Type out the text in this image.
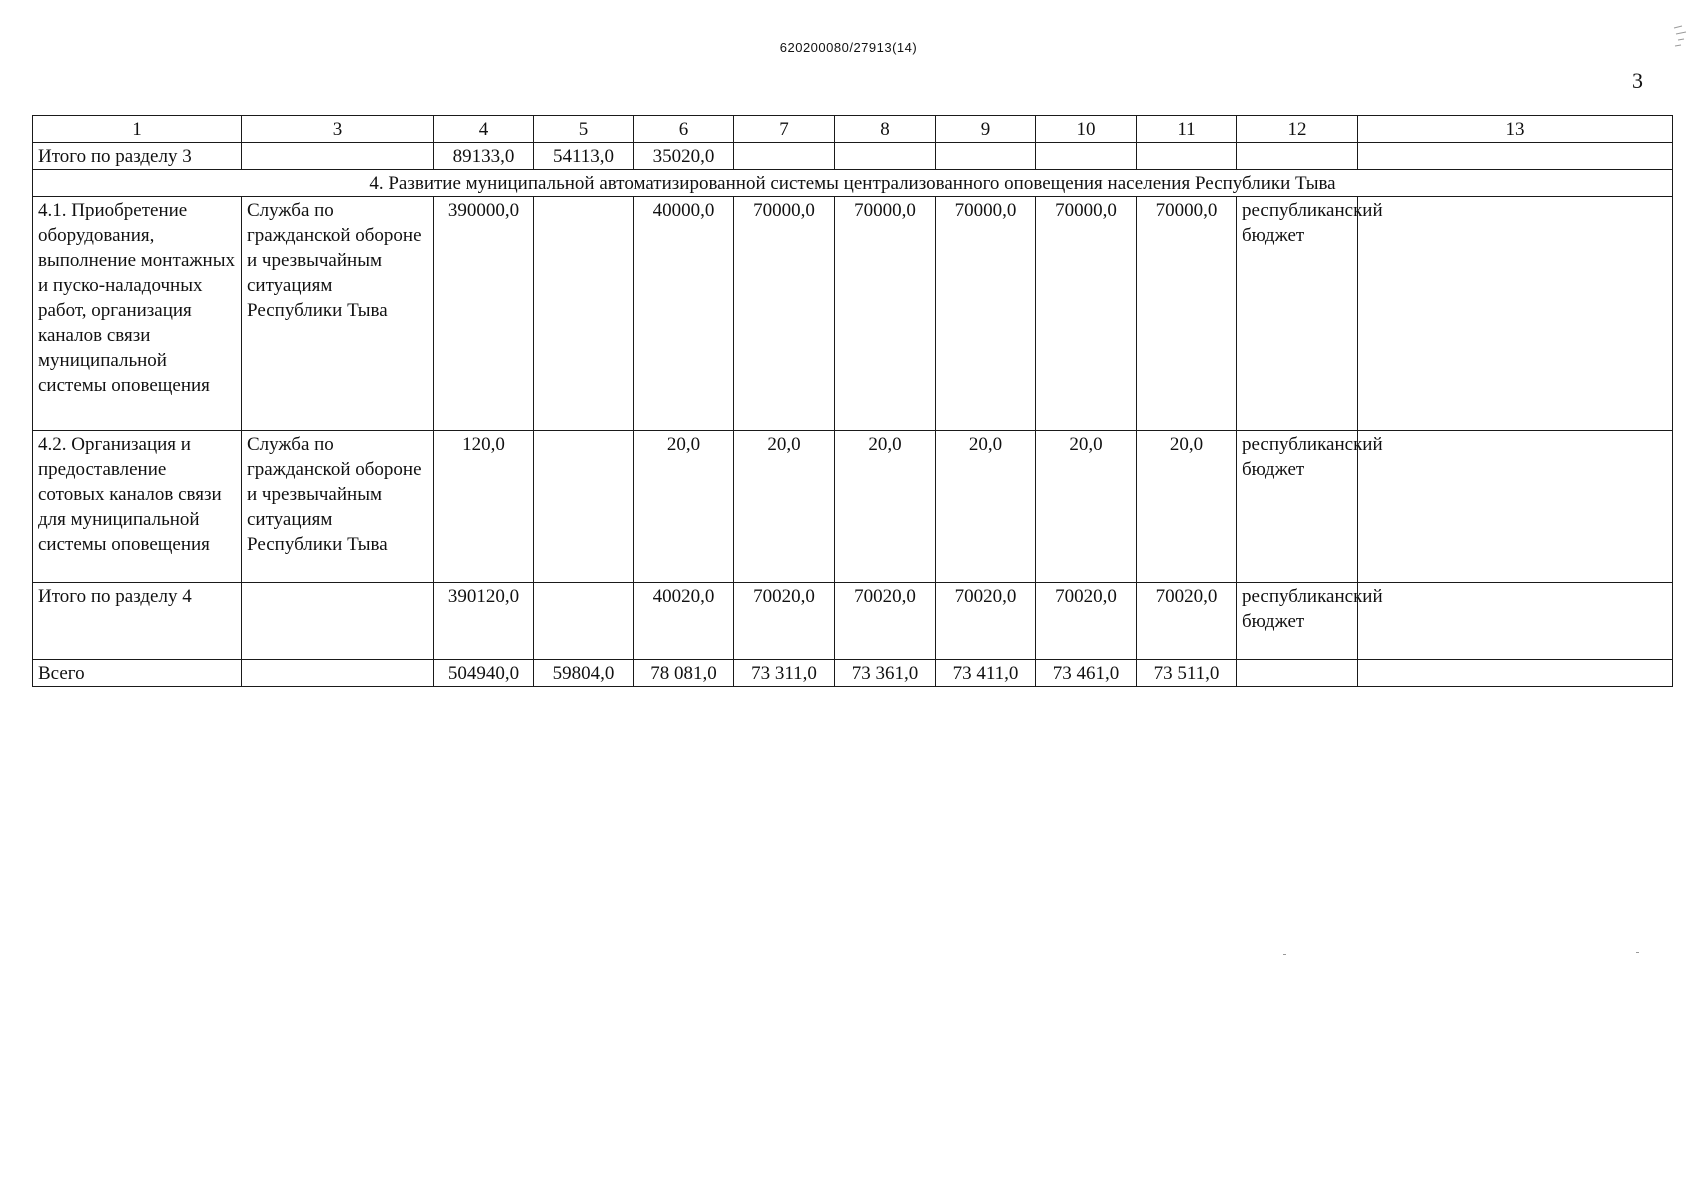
620200080/27913(14)
3
1	3	4	5	6	7	8	9	10	11	12	13
Итого по разделу 3		89133,0	54113,0	35020,0							
4. Развитие муниципальной автоматизированной системы централизованного оповещения населения Республики Тыва											
4.1. Приобретение оборудования, выполнение монтажных и пуско-наладочных работ, организация каналов связи муниципальной системы оповещения	Служба по гражданской обороне и чрезвычайным ситуациям Республики Тыва	390000,0		40000,0	70000,0	70000,0	70000,0	70000,0	70000,0	республиканский бюджет	
4.2. Организация и предоставление сотовых каналов связи для муниципальной системы оповещения	Служба по гражданской обороне и чрезвычайным ситуациям Республики Тыва	120,0		20,0	20,0	20,0	20,0	20,0	20,0	республиканский бюджет	
Итого по разделу 4		390120,0		40020,0	70020,0	70020,0	70020,0	70020,0	70020,0	республиканский бюджет	
Всего		504940,0	59804,0	78 081,0	73 311,0	73 361,0	73 411,0	73 461,0	73 511,0		
